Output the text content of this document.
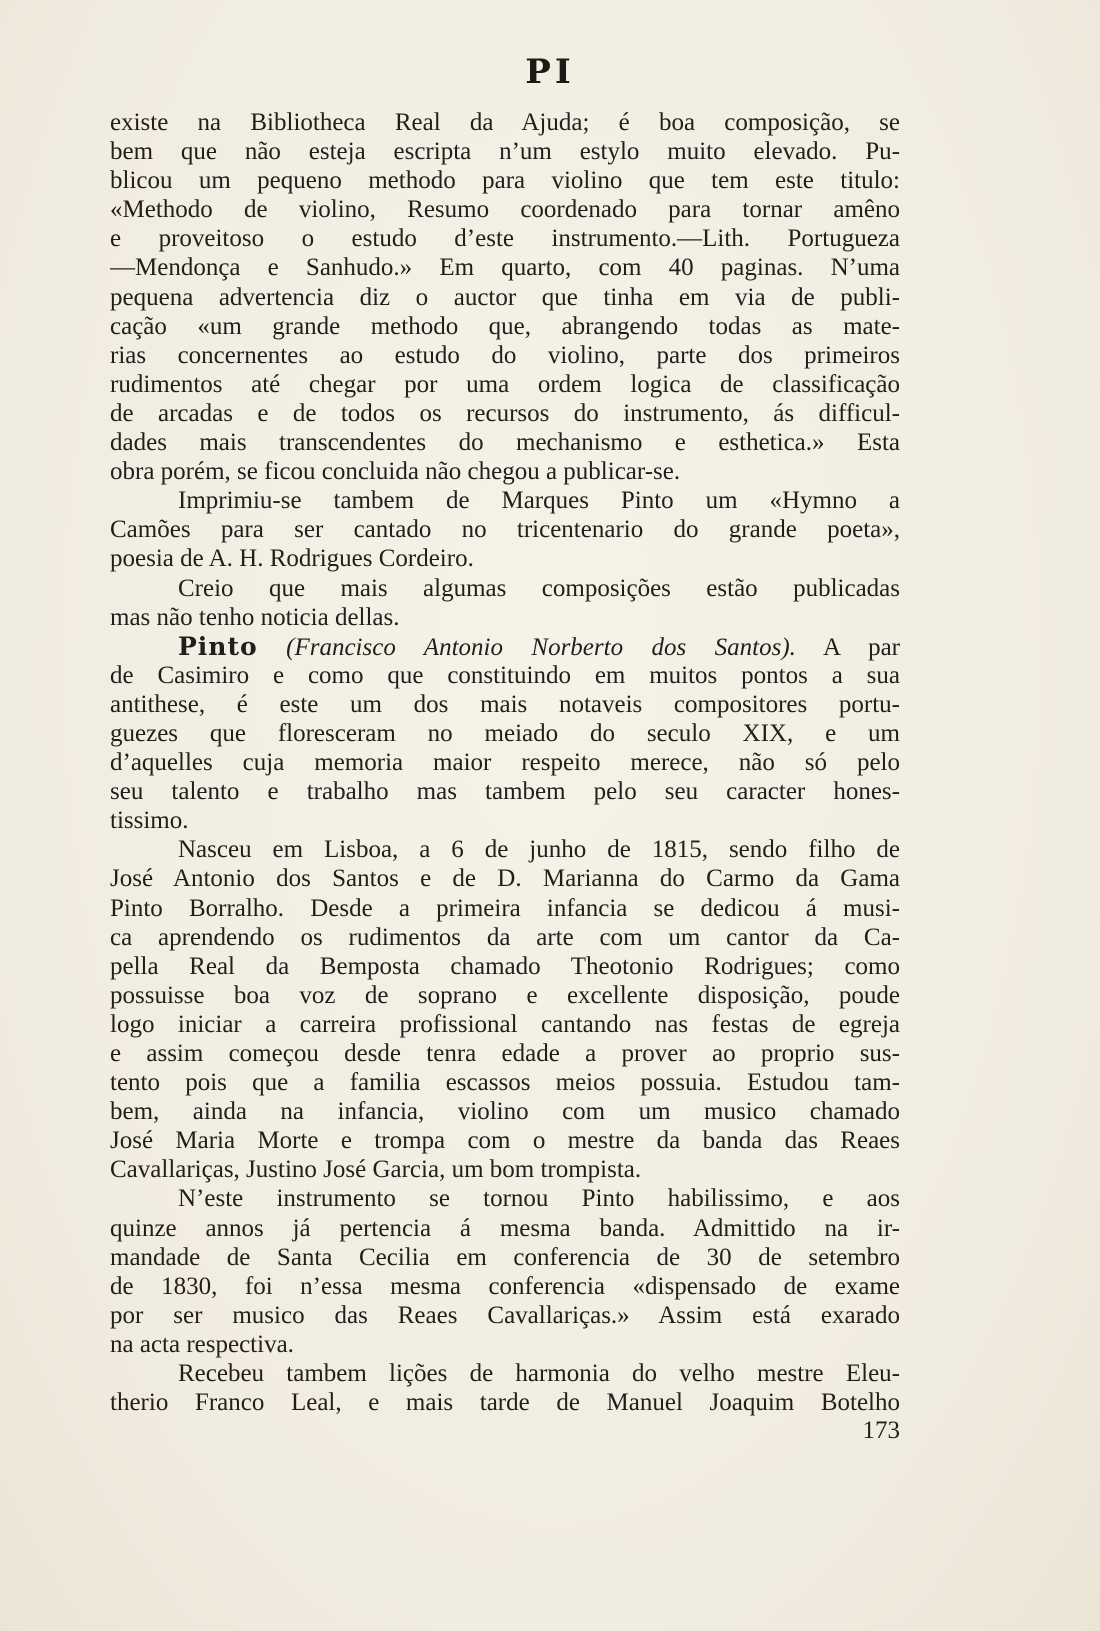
PI
existe na Bibliotheca Real da Ajuda; é boa composição, se
bem que não esteja escripta n’um estylo muito elevado. Pu-
blicou um pequeno methodo para violino que tem este titulo:
«Methodo de violino, Resumo coordenado para tornar amêno
e proveitoso o estudo d’este instrumento.—Lith. Portugueza
—Mendonça e Sanhudo.» Em quarto, com 40 paginas. N’uma
pequena advertencia diz o auctor que tinha em via de publi-
cação «um grande methodo que, abrangendo todas as mate-
rias concernentes ao estudo do violino, parte dos primeiros
rudimentos até chegar por uma ordem logica de classificação
de arcadas e de todos os recursos do instrumento, ás difficul-
dades mais transcendentes do mechanismo e esthetica.» Esta
obra porém, se ficou concluida não chegou a publicar-se.
Imprimiu-se tambem de Marques Pinto um «Hymno a
Camões para ser cantado no tricentenario do grande poeta»,
poesia de A. H. Rodrigues Cordeiro.
Creio que mais algumas composições estão publicadas
mas não tenho noticia dellas.
Pinto (Francisco Antonio Norberto dos Santos). A par
de Casimiro e como que constituindo em muitos pontos a sua
antithese, é este um dos mais notaveis compositores portu-
guezes que floresceram no meiado do seculo XIX, e um
d’aquelles cuja memoria maior respeito merece, não só pelo
seu talento e trabalho mas tambem pelo seu caracter hones-
tissimo.
Nasceu em Lisboa, a 6 de junho de 1815, sendo filho de
José Antonio dos Santos e de D. Marianna do Carmo da Gama
Pinto Borralho. Desde a primeira infancia se dedicou á musi-
ca aprendendo os rudimentos da arte com um cantor da Ca-
pella Real da Bemposta chamado Theotonio Rodrigues; como
possuisse boa voz de soprano e excellente disposição, poude
logo iniciar a carreira profissional cantando nas festas de egreja
e assim começou desde tenra edade a prover ao proprio sus-
tento pois que a familia escassos meios possuia. Estudou tam-
bem, ainda na infancia, violino com um musico chamado
José Maria Morte e trompa com o mestre da banda das Reaes
Cavallariças, Justino José Garcia, um bom trompista.
N’este instrumento se tornou Pinto habilissimo, e aos
quinze annos já pertencia á mesma banda. Admittido na ir-
mandade de Santa Cecilia em conferencia de 30 de setembro
de 1830, foi n’essa mesma conferencia «dispensado de exame
por ser musico das Reaes Cavallariças.» Assim está exarado
na acta respectiva.
Recebeu tambem lições de harmonia do velho mestre Eleu-
therio Franco Leal, e mais tarde de Manuel Joaquim Botelho
173
